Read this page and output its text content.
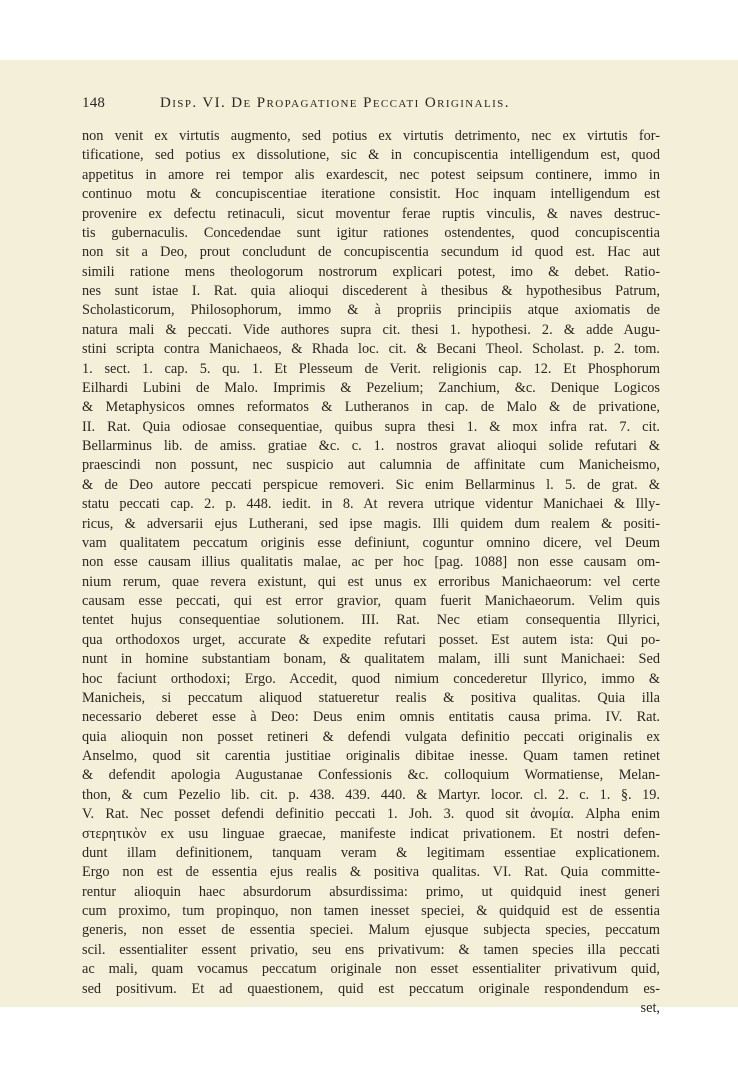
148	Disp. VI. De Propagatione Peccati Originalis.
non venit ex virtutis augmento, sed potius ex virtutis detrimento, nec ex virtutis for-
tificatione, sed potius ex dissolutione, sic & in concupiscentia intelligendum est, quod
appetitus in amore rei tempor alis exardescit, nec potest seipsum continere, immo in
continuo motu & concupiscentiae iteratione consistit. Hoc inquam intelligendum est
provenire ex defectu retinaculi, sicut moventur ferae ruptis vinculis, & naves destruc-
tis gubernaculis. Concedendae sunt igitur rationes ostendentes, quod concupiscentia
non sit a Deo, prout concludunt de concupiscentia secundum id quod est. Hac aut
simili ratione mens theologorum nostrorum explicari potest, imo & debet. Ratio-
nes sunt istae I. Rat. quia alioqui discederent à thesibus & hypothesibus Patrum,
Scholasticorum, Philosophorum, immo & à propriis principiis atque axiomatis de
natura mali & peccati. Vide authores supra cit. thesi 1. hypothesi. 2. & adde Augu-
stini scripta contra Manichaeos, & Rhada loc. cit. & Becani Theol. Scholast. p. 2. tom.
1. sect. 1. cap. 5. qu. 1. Et Plesseum de Verit. religionis cap. 12. Et Phosphorum
Eilhardi Lubini de Malo. Imprimis & Pezelium; Zanchium, &c. Denique Logicos
& Metaphysicos omnes reformatos & Lutheranos in cap. de Malo & de privatione,
II. Rat. Quia odiosae consequentiae, quibus supra thesi 1. & mox infra rat. 7. cit.
Bellarminus lib. de amiss. gratiae &c. c. 1. nostros gravat alioqui solide refutari &
praescindi non possunt, nec suspicio aut calumnia de affinitate cum Manicheismo,
& de Deo autore peccati perspicue removeri. Sic enim Bellarminus l. 5. de grat. &
statu peccati cap. 2. p. 448. iedit. in 8. At revera utrique videntur Manichaei & Illy-
ricus, & adversarii ejus Lutherani, sed ipse magis. Illi quidem dum realem & positi-
vam qualitatem peccatum originis esse definiunt, coguntur omnino dicere, vel Deum
non esse causam illius qualitatis malae, ac per hoc [pag. 1088] non esse causam om-
nium rerum, quae revera existunt, qui est unus ex erroribus Manichaeorum: vel certe
causam esse peccati, qui est error gravior, quam fuerit Manichaeorum. Velim quis
tentet hujus consequentiae solutionem. III. Rat. Nec etiam consequentia Illyrici,
qua orthodoxos urget, accurate & expedite refutari posset. Est autem ista: Qui po-
nunt in homine substantiam bonam, & qualitatem malam, illi sunt Manichaei: Sed
hoc faciunt orthodoxi; Ergo. Accedit, quod nimium concederetur Illyrico, immo &
Manicheis, si peccatum aliquod statueretur realis & positiva qualitas. Quia illa
necessario deberet esse à Deo: Deus enim omnis entitatis causa prima. IV. Rat.
quia alioquin non posset retineri & defendi vulgata definitio peccati originalis ex
Anselmo, quod sit carentia justitiae originalis dibitae inesse. Quam tamen retinet
& defendit apologia Augustanae Confessionis &c. colloquium Wormatiense, Melan-
thon, & cum Pezelio lib. cit. p. 438. 439. 440. & Martyr. locor. cl. 2. c. 1. §. 19.
V. Rat. Nec posset defendi definitio peccati 1. Joh. 3. quod sit ἀνομία. Alpha enim
στερητικὸν ex usu linguae graecae, manifeste indicat privationem. Et nostri defen-
dunt illam definitionem, tanquam veram & legitimam essentiae explicationem.
Ergo non est de essentia ejus realis & positiva qualitas. VI. Rat. Quia committe-
rentur alioquin haec absurdorum absurdissima: primo, ut quidquid inest generi
cum proximo, tum propinquo, non tamen inesset speciei, & quidquid est de essentia
generis, non esset de essentia speciei. Malum ejusque subjecta species, peccatum
scil. essentialiter essent privatio, seu ens privativum: & tamen species illa peccati
ac mali, quam vocamus peccatum originale non esset essentialiter privativum quid,
sed positivum. Et ad quaestionem, quid est peccatum originale respondendum es-
set,
